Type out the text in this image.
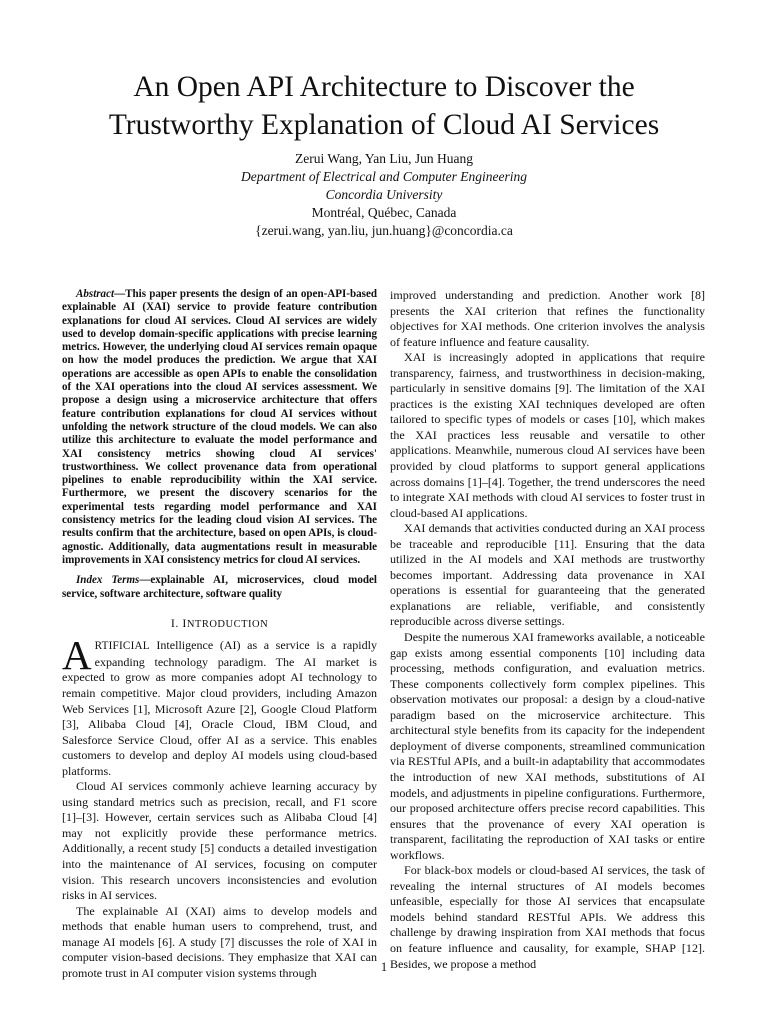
An Open API Architecture to Discover the
Trustworthy Explanation of Cloud AI Services
Zerui Wang, Yan Liu, Jun Huang
Department of Electrical and Computer Engineering
Concordia University
Montréal, Québec, Canada
{zerui.wang, yan.liu, jun.huang}@concordia.ca

Abstract—This paper presents the design of an open-API-based explainable AI (XAI) service to provide feature contribution explanations for cloud AI services. Cloud AI services are widely used to develop domain-specific applications with precise learning metrics. However, the underlying cloud AI services remain opaque on how the model produces the prediction. We argue that XAI operations are accessible as open APIs to enable the consolidation of the XAI operations into the cloud AI services assessment. We propose a design using a microservice architecture that offers feature contribution explanations for cloud AI services without unfolding the network structure of the cloud models. We can also utilize this architecture to evaluate the model performance and XAI consistency metrics showing cloud AI services' trustworthiness. We collect provenance data from operational pipelines to enable reproducibility within the XAI service. Furthermore, we present the discovery scenarios for the experimental tests regarding model performance and XAI consistency metrics for the leading cloud vision AI services. The results confirm that the architecture, based on open APIs, is cloud-agnostic. Additionally, data augmentations result in measurable improvements in XAI consistency metrics for cloud AI services.

Index Terms—explainable AI, microservices, cloud model service, software architecture, software quality

I. INTRODUCTION

ARTIFICIAL Intelligence (AI) as a service is a rapidly expanding technology paradigm. The AI market is expected to grow as more companies adopt AI technology to remain competitive. Major cloud providers, including Amazon Web Services [1], Microsoft Azure [2], Google Cloud Platform [3], Alibaba Cloud [4], Oracle Cloud, IBM Cloud, and Salesforce Service Cloud, offer AI as a service. This enables customers to develop and deploy AI models using cloud-based platforms.

Cloud AI services commonly achieve learning accuracy by using standard metrics such as precision, recall, and F1 score [1]–[3]. However, certain services such as Alibaba Cloud [4] may not explicitly provide these performance metrics. Additionally, a recent study [5] conducts a detailed investigation into the maintenance of AI services, focusing on computer vision. This research uncovers inconsistencies and evolution risks in AI services.

The explainable AI (XAI) aims to develop models and methods that enable human users to comprehend, trust, and manage AI models [6]. A study [7] discusses the role of XAI in computer vision-based decisions. They emphasize that XAI can promote trust in AI computer vision systems through

improved understanding and prediction. Another work [8] presents the XAI criterion that refines the functionality objectives for XAI methods. One criterion involves the analysis of feature influence and feature causality.

XAI is increasingly adopted in applications that require transparency, fairness, and trustworthiness in decision-making, particularly in sensitive domains [9]. The limitation of the XAI practices is the existing XAI techniques developed are often tailored to specific types of models or cases [10], which makes the XAI practices less reusable and versatile to other applications. Meanwhile, numerous cloud AI services have been provided by cloud platforms to support general applications across domains [1]–[4]. Together, the trend underscores the need to integrate XAI methods with cloud AI services to foster trust in cloud-based AI applications.

XAI demands that activities conducted during an XAI process be traceable and reproducible [11]. Ensuring that the data utilized in the AI models and XAI methods are trustworthy becomes important. Addressing data provenance in XAI operations is essential for guaranteeing that the generated explanations are reliable, verifiable, and consistently reproducible across diverse settings.

Despite the numerous XAI frameworks available, a noticeable gap exists among essential components [10] including data processing, methods configuration, and evaluation metrics. These components collectively form complex pipelines. This observation motivates our proposal: a design by a cloud-native paradigm based on the microservice architecture. This architectural style benefits from its capacity for the independent deployment of diverse components, streamlined communication via RESTful APIs, and a built-in adaptability that accommodates the introduction of new XAI methods, substitutions of AI models, and adjustments in pipeline configurations. Furthermore, our proposed architecture offers precise record capabilities. This ensures that the provenance of every XAI operation is transparent, facilitating the reproduction of XAI tasks or entire workflows.

For black-box models or cloud-based AI services, the task of revealing the internal structures of AI models becomes unfeasible, especially for those AI services that encapsulate models behind standard RESTful APIs. We address this challenge by drawing inspiration from XAI methods that focus on feature influence and causality, for example, SHAP [12]. Besides, we propose a method

1
